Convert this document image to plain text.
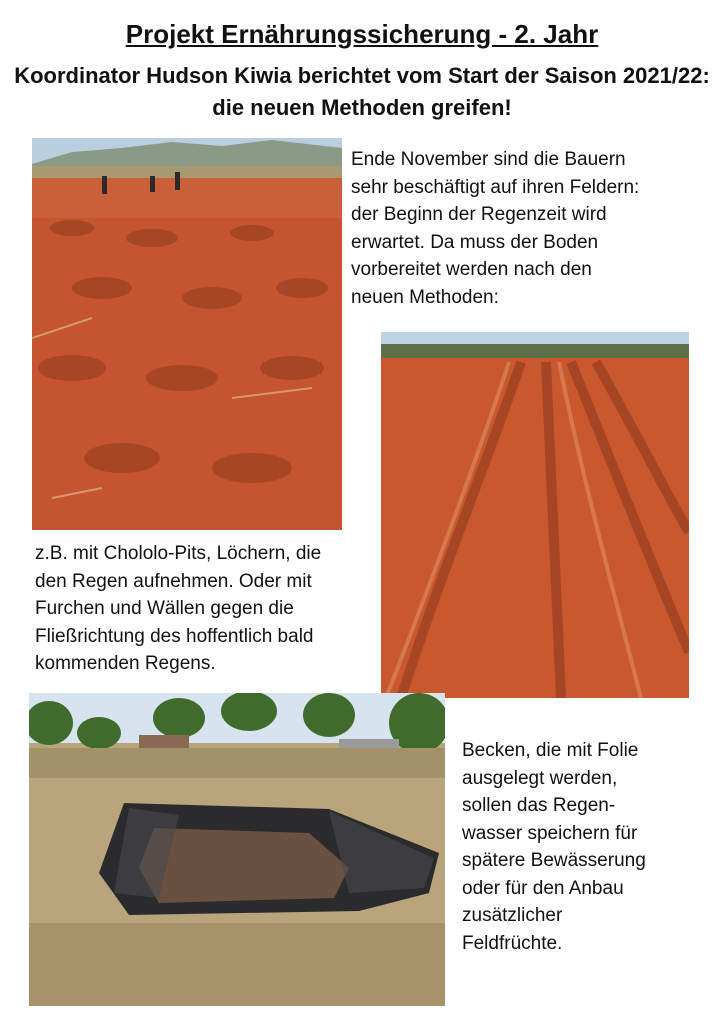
Projekt Ernährungssicherung - 2. Jahr
Koordinator Hudson Kiwia berichtet vom Start der Saison 2021/22: die neuen Methoden greifen!
Ende November sind die Bauern
sehr beschäftigt auf ihren Feldern:
der Beginn der Regenzeit wird
erwartet. Da muss der Boden
vorbereitet werden nach den
neuen Methoden:
z.B. mit Chololo-Pits, Löchern, die
den Regen aufnehmen. Oder mit
Furchen und Wällen gegen die
Fließrichtung des hoffentlich bald
kommenden Regens.
Becken, die mit Folie
ausgelegt werden,
sollen das Regen-
wasser speichern für
spätere Bewässerung
oder für den Anbau
zusätzlicher
Feldfrüchte.
